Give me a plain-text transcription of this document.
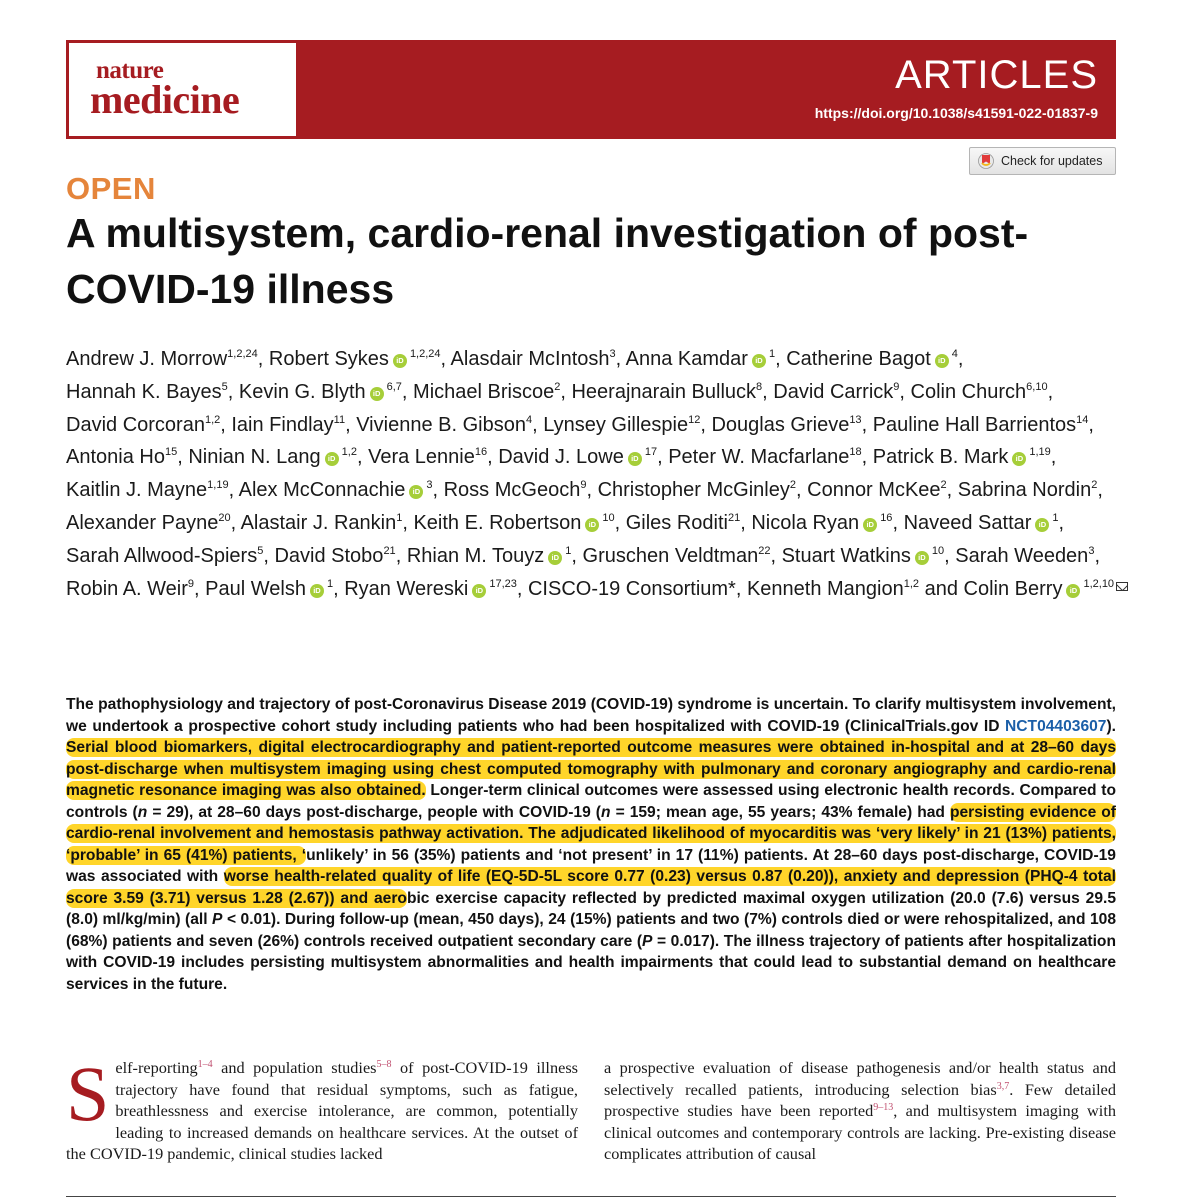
nature
medicine
ARTICLES
https://doi.org/10.1038/s41591-022-01837-9
Check for updates
OPEN
A multisystem, cardio-renal investigation of post-COVID-19 illness
Andrew J. Morrow$^{1,2,24}$, Robert Sykes iD$^{1,2,24}$, Alasdair McIntosh$^3$, Anna Kamdar $iD^1$, Catherine Bagot $iD^4$, Hannah K. Bayes$^5$, Kevin G. Blyth iD$^{6,7}$, Michael Briscoe$^2$, Heerajnarain Bulluck$^8$, David Carrick$^9$, Colin Church$^{6,10}$, David Corcoran$^{1,2}$, Iain Findlay$^{11}$, Vivienne B. Gibson$^4$, Lynsey Gillespie$^{12}$, Douglas Grieve$^{13}$, Pauline Hall Barrientos$^{14}$, Antonia Ho$^{15}$, Ninian N. Lang iD$^{1,2}$, Vera Lennie$^{16}$, David J. Lowe $iD^{17}$, Peter W. Macfarlane$^{18}$, Patrick B. Mark iD$^{1,19}$, Kaitlin J. Mayne$^{1,19}$, Alex McConnachie $iD^3$, Ross McGeoch$^9$, Christopher McGinley$^2$, Connor McKee$^2$, Sabrina Nordin$^2$, Alexander Payne$^{20}$, Alastair J. Rankin$^1$, Keith E. Robertson $iD^{10}$, Giles Roditi$^{21}$, Nicola Ryan $iD^{16}$, Naveed Sattar $iD^1$, Sarah Allwood-Spiers$^5$, David Stobo$^{21}$, Rhian M. Touyz $iD^1$, Gruschen Veldtman$^{22}$, Stuart Watkins $iD^{10}$, Sarah Weeden$^3$, Robin A. Weir$^9$, Paul Welsh $iD^1$, Ryan Wereski iD$^{17,23}$, CISCO-19 Consortium*, Kenneth Mangion$^{1,2}$ and Colin Berry iD$^{1,2,10}$
The pathophysiology and trajectory of post-Coronavirus Disease 2019 (COVID-19) syndrome is uncertain. To clarify multisystem involvement, we undertook a prospective cohort study including patients who had been hospitalized with COVID-19 (ClinicalTrials.gov ID NCT04403607). Serial blood biomarkers, digital electrocardiography and patient-reported outcome measures were obtained in-hospital and at 28–60 days post-discharge when multisystem imaging using chest computed tomography with pulmonary and coronary angiography and cardio-renal magnetic resonance imaging was also obtained. Longer-term clinical outcomes were assessed using electronic health records. Compared to controls (n = 29), at 28–60 days post-discharge, people with COVID-19 (n = 159; mean age, 55 years; 43% female) had persisting evidence of cardio-renal involvement and hemostasis pathway activation. The adjudicated likelihood of myocarditis was ‘very likely’ in 21 (13%) patients, ‘probable’ in 65 (41%) patients, ‘unlikely’ in 56 (35%) patients and ‘not present’ in 17 (11%) patients. At 28–60 days post-discharge, COVID-19 was associated with worse health-related quality of life (EQ-5D-5L score 0.77 (0.23) versus 0.87 (0.20)), anxiety and depression (PHQ-4 total score 3.59 (3.71) versus 1.28 (2.67)) and aerobic exercise capacity reflected by predicted maximal oxygen utilization (20.0 (7.6) versus 29.5 (8.0) ml/kg/min) (all P < 0.01). During follow-up (mean, 450 days), 24 (15%) patients and two (7%) controls died or were rehospitalized, and 108 (68%) patients and seven (26%) controls received outpatient secondary care (P = 0.017). The illness trajectory of patients after hospitalization with COVID-19 includes persisting multisystem abnormalities and health impairments that could lead to substantial demand on healthcare services in the future.
Self-reporting$^{1-4}$ and population studies$^{5-8}$ of post-COVID-19 illness trajectory have found that residual symptoms, such as fatigue, breathlessness and exercise intolerance, are common, potentially leading to increased demands on healthcare services. At the outset of the COVID-19 pandemic, clinical studies lacked
a prospective evaluation of disease pathogenesis and/or health status and selectively recalled patients, introducing selection bias$^{3,7}$. Few detailed prospective studies have been reported$^{9-13}$, and multisystem imaging with clinical outcomes and contemporary controls are lacking. Pre-existing disease complicates attribution of causal
